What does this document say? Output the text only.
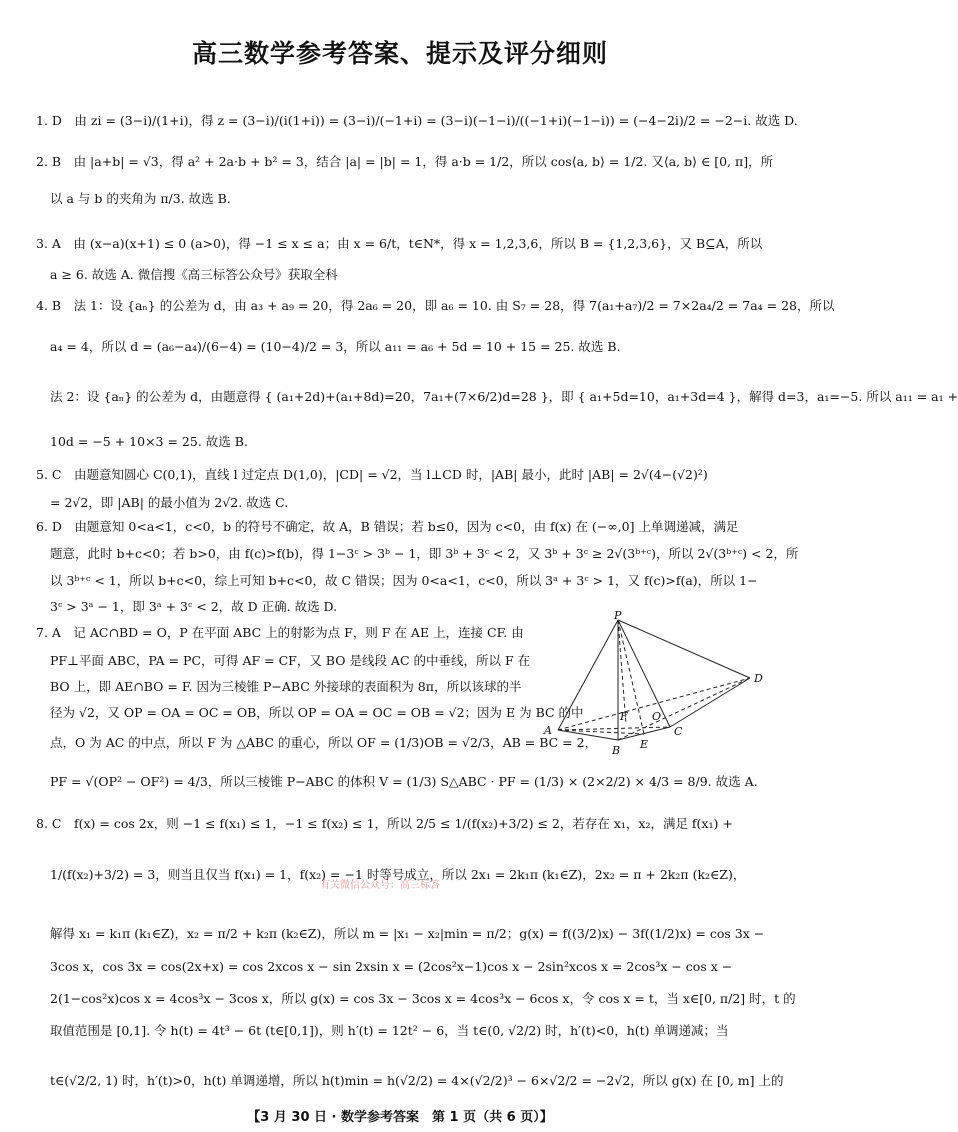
高三数学参考答案、提示及评分细则
1. D　由 zi = (3−i)/(1+i)，得 z = (3−i)/(i(1+i)) = (3−i)/(−1+i) = (3−i)(−1−i)/((−1+i)(−1−i)) = (−4−2i)/2 = −2−i. 故选 D.
2. B　由 |a+b| = √3，得 a² + 2a·b + b² = 3，结合 |a| = |b| = 1，得 a·b = 1/2，所以 cos⟨a, b⟩ = 1/2. 又⟨a, b⟩ ∈ [0, π]，所
以 a 与 b 的夹角为 π/3. 故选 B.
3. A　由 (x−a)(x+1) ≤ 0 (a>0)，得 −1 ≤ x ≤ a；由 x = 6/t，t∈N*，得 x = 1,2,3,6，所以 B = {1,2,3,6}，又 B⊆A，所以
a ≥ 6. 故选 A. 微信搜《高三标答公众号》获取全科
4. B　法 1：设 {aₙ} 的公差为 d，由 a₃ + a₉ = 20，得 2a₆ = 20，即 a₆ = 10. 由 S₇ = 28，得 7(a₁+a₇)/2 = 7×2a₄/2 = 7a₄ = 28，所以
a₄ = 4，所以 d = (a₆−a₄)/(6−4) = (10−4)/2 = 3，所以 a₁₁ = a₆ + 5d = 10 + 15 = 25. 故选 B.
法 2：设 {aₙ} 的公差为 d，由题意得 { (a₁+2d)+(a₁+8d)=20，7a₁+(7×6/2)d=28 }，即 { a₁+5d=10，a₁+3d=4 }，解得 d=3，a₁=−5. 所以 a₁₁ = a₁ +
10d = −5 + 10×3 = 25. 故选 B.
5. C　由题意知圆心 C(0,1)，直线 l 过定点 D(1,0)，|CD| = √2，当 l⊥CD 时，|AB| 最小，此时 |AB| = 2√(4−(√2)²)
= 2√2，即 |AB| 的最小值为 2√2. 故选 C.
6. D　由题意知 0<a<1，c<0，b 的符号不确定，故 A，B 错误；若 b≤0，因为 c<0，由 f(x) 在 (−∞,0] 上单调递减，满足
题意，此时 b+c<0；若 b>0，由 f(c)>f(b)，得 1−3ᶜ > 3ᵇ − 1，即 3ᵇ + 3ᶜ < 2，又 3ᵇ + 3ᶜ ≥ 2√(3ᵇ⁺ᶜ)，所以 2√(3ᵇ⁺ᶜ) < 2，所
以 3ᵇ⁺ᶜ < 1，所以 b+c<0，综上可知 b+c<0，故 C 错误；因为 0<a<1，c<0，所以 3ᵃ + 3ᶜ > 1，又 f(c)>f(a)，所以 1−
3ᶜ > 3ᵃ − 1，即 3ᵃ + 3ᶜ < 2，故 D 正确. 故选 D.
7. A　记 AC∩BD = O，P 在平面 ABC 上的射影为点 F，则 F 在 AE 上，连接 CF. 由
PF⊥平面 ABC，PA = PC，可得 AF = CF，又 BO 是线段 AC 的中垂线，所以 F 在
BO 上，即 AE∩BO = F. 因为三棱锥 P−ABC 外接球的表面积为 8π，所以该球的半
径为 √2，又 OP = OA = OC = OB，所以 OP = OA = OC = OB = √2；因为 E 为 BC 的中
点，O 为 AC 的中点，所以 F 为 △ABC 的重心，所以 OF = (1/3)OB = √2/3，AB = BC = 2，
PF = √(OP² − OF²) = 4/3，所以三棱锥 P−ABC 的体积 V = (1/3) S△ABC · PF = (1/3) × (2×2/2) × 4/3 = 8/9. 故选 A.
8. C　f(x) = cos 2x，则 −1 ≤ f(x₁) ≤ 1，−1 ≤ f(x₂) ≤ 1，所以 2/5 ≤ 1/(f(x₂)+3/2) ≤ 2，若存在 x₁，x₂，满足 f(x₁) +
1/(f(x₂)+3/2) = 3，则当且仅当 f(x₁) = 1，f(x₂) = −1 时等号成立，所以 2x₁ = 2k₁π (k₁∈Z)，2x₂ = π + 2k₂π (k₂∈Z)，
解得 x₁ = k₁π (k₁∈Z)，x₂ = π/2 + k₂π (k₂∈Z)，所以 m = |x₁ − x₂|min = π/2；g(x) = f((3/2)x) − 3f((1/2)x) = cos 3x −
3cos x，cos 3x = cos(2x+x) = cos 2xcos x − sin 2xsin x = (2cos²x−1)cos x − 2sin²xcos x = 2cos³x − cos x −
2(1−cos²x)cos x = 4cos³x − 3cos x，所以 g(x) = cos 3x − 3cos x = 4cos³x − 6cos x，令 cos x = t，当 x∈[0, π/2] 时，t 的
取值范围是 [0,1]. 令 h(t) = 4t³ − 6t (t∈[0,1])，则 h′(t) = 12t² − 6，当 t∈(0, √2/2) 时，h′(t)<0，h(t) 单调递减；当
t∈(√2/2, 1) 时，h′(t)>0，h(t) 单调递增，所以 h(t)min = h(√2/2) = 4×(√2/2)³ − 6×√2/2 = −2√2，所以 g(x) 在 [0, m] 上的
P
A
B
C
D
E
F O
有关微信公众号：高三标答
【3 月 30 日 · 数学参考答案　第 1 页（共 6 页）】
